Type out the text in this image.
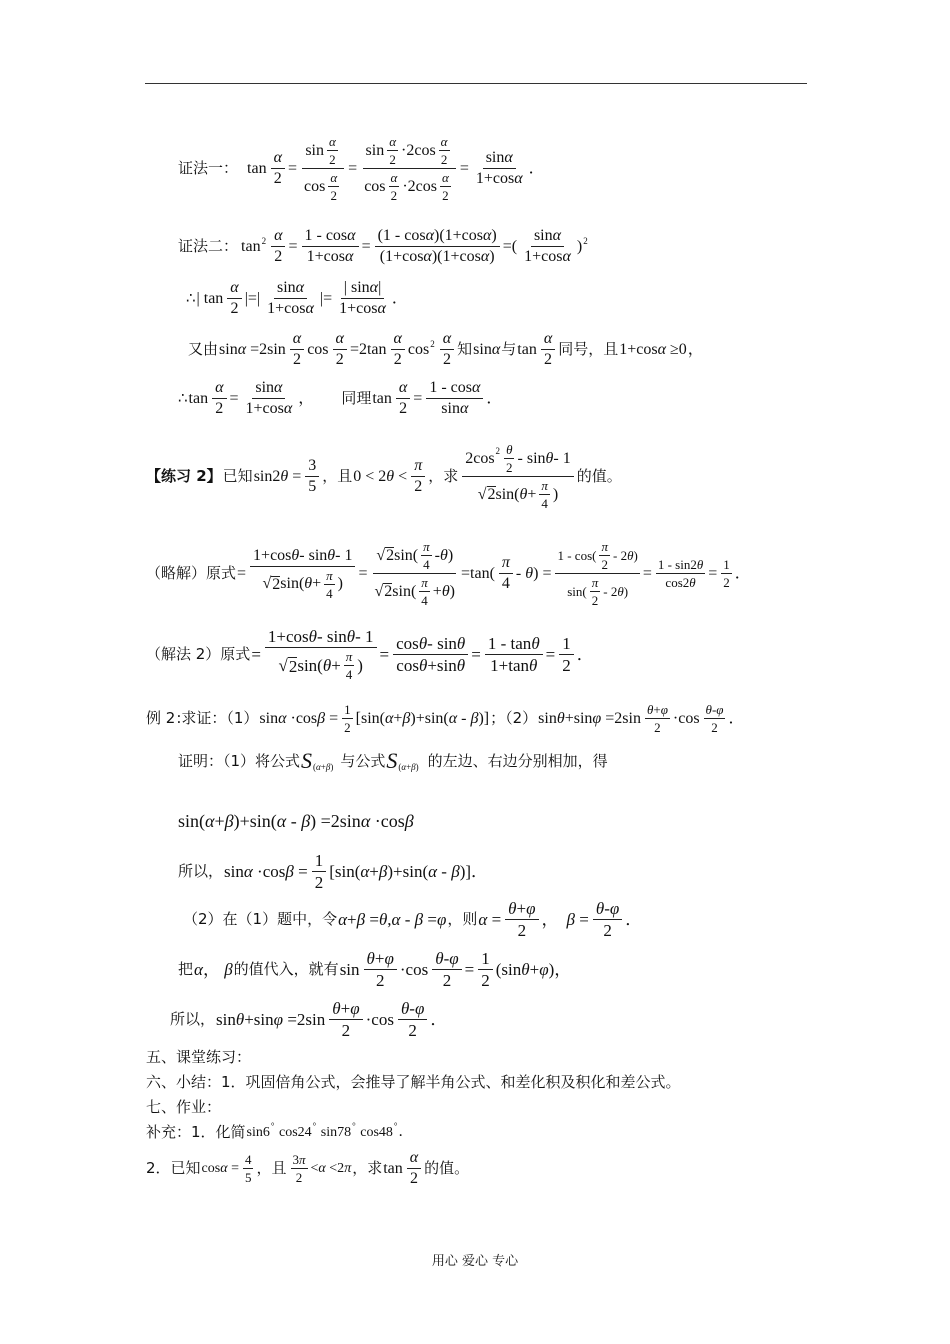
证法一： $\tan \frac{\alpha}{2} = \frac{\sin \frac{\alpha}{2}}{\cos \frac{\alpha}{2}} = \frac{\sin \frac{\alpha}{2} \cdot 2\cos \frac{\alpha}{2}}{\cos \frac{\alpha}{2} \cdot 2\cos \frac{\alpha}{2}} = \frac{\text{sin α}}{\text{1+cos α}}$ ．
证法二： $\tan^2 \frac{\alpha}{2} = \frac{\text{1 - cos α}}{\text{1+cos α}} = \frac{\text{(1 - cos α )(1+cos α )}}{\text{(1+cos α )(1+cos α )}}$ =( $\frac{\text{sin α}}{\text{1+cos α}} )^2$
∴ | $\tan \frac{\alpha}{2}$ |=| $\frac{\text{sin α}}{\text{1+cos α}}$ |= $\frac{\text{| sin α |}}{\text{1+cos α}}$ ．
又由 $\sin\alpha =2\sin \frac{\alpha}{2}$ $\cos \frac{\alpha}{2} =2\tan \frac{\alpha}{2} \cos^2 \frac{\alpha}{2}$ 知 sinα 与 $\tan \frac{\alpha}{2}$ 同号，且 1+cosα ≥0 ，
∴ $\tan \frac{\alpha}{2} = \frac{\text{sin α}}{\text{1+cos α}}$ ， 同理 $\tan \frac{\alpha}{2} = \frac{\text{1 - cos α}}{\text{sin α}}$ ．
【练习 2】 已知 $\sin 2\theta = \frac{3}{5}$ ，且 $0 < 2\theta < \frac{\pi}{2}$ ，求 $\frac{2\cos 2 \frac{\theta}{2} - \sin \theta - 1}{√ 2 \sin( \theta + \frac{\pi}{4} )}$ 的值。
（略解）原式 = $\frac{\text{1+cos θ - sin θ - 1}}{√ 2 \sin( \theta + \frac{\pi}{4} )} = \frac{√ 2 \sin( \frac{\pi}{4} - \theta )}{√ 2 \sin( \frac{\pi}{4} + \theta )} =\tan( \frac{\pi}{4} - \theta) = \frac{1 - \cos( \frac{\pi}{2} - 2 \theta )}{\sin( \frac{\pi}{2} - 2 \theta )} = \frac{1 - \sin 2 \theta}{\cos 2 \theta} = \frac{1}{2}$ ．
（解法 2）原式 = $\frac{\text{1+cos θ - sin θ - 1}}{√ 2 \sin( \theta + \frac{\pi}{4} )} = \frac{\text{cos θ - sin θ}}{\text{cos θ +sin θ}} = \frac{\text{1 - tan θ}}{\text{1+tan θ}} = \frac{1}{2}$ ．
例 2 :求证：（1） $\sin\alpha \cdot\cos\beta = \frac{1}{2} [\sin(\alpha+\beta)+\sin(\alpha - \beta)]$ ；（2） $\sin\theta+\sin\varphi =2\sin \frac{\theta + \varphi}{2} \cdot\cos \frac{\theta - \varphi}{2}$ ．
证明：（1）将公式 S (α+β) 与公式 S (α+β) 的左边、右边分别相加，得
sin(α+β)+sin(α - β) =2sinα ·cosβ
所以， $\sin\alpha \cdot\cos\beta = \frac{1}{2} [\sin(\alpha+\beta)+\sin(\alpha - \beta)]$．
（2）在（1）题中，令 α+β =θ,α - β =φ ，则 $\alpha = \frac{\theta + \varphi}{2}$ ， $\beta = \frac{\theta - \varphi}{2}$ ．
把 α， β 的值代入，就有 $\sin \frac{\theta + \varphi}{2} \cdot\cos \frac{\theta - \varphi}{2} = \frac{1}{2} (\sin\theta+\varphi)$，
所以， $\sin\theta+\sin\varphi =2\sin \frac{\theta + \varphi}{2} \cdot\cos \frac{\theta - \varphi}{2}$ ．
五、课堂练习：
六、小结：1．巩固倍角公式，会推导了解半角公式、和差化积及积化和差公式。
七、作业：
补充：1．化简 sin6° cos24° sin78° cos48°．
2．已知 $\cos\alpha = \frac{4}{5}$ ，且 $\frac{3 \pi}{2} <\alpha <2\pi$ ，求 $\tan \frac{\alpha}{2}$ 的值。
用心 爱心 专心
